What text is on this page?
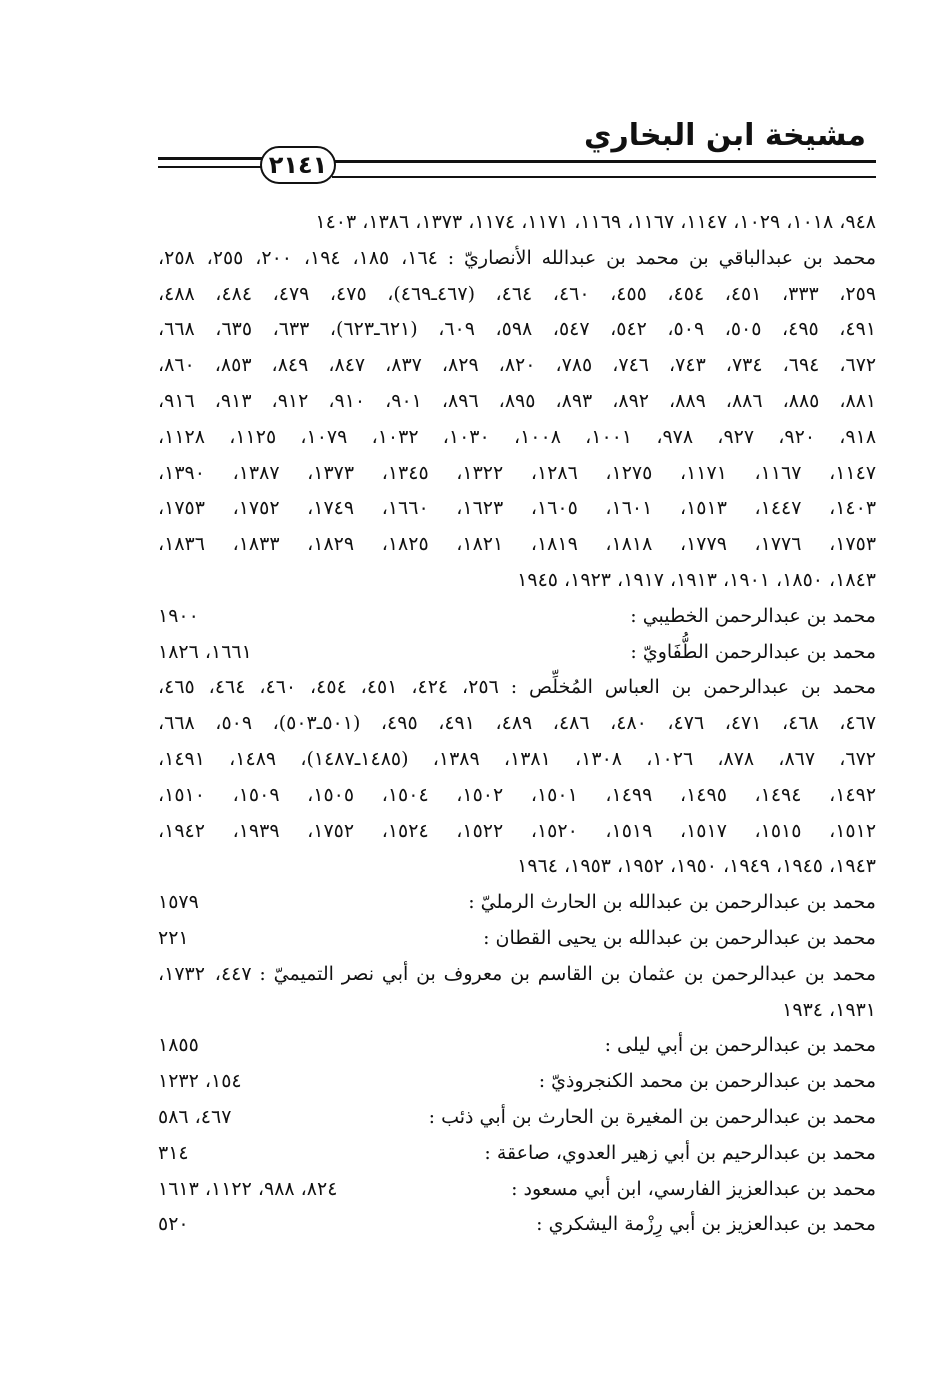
مشيخة ابن البخاري
٢١٤١
٩٤٨، ١٠١٨، ١٠٢٩، ١١٤٧، ١١٦٧، ١١٦٩، ١١٧١، ١١٧٤، ١٣٧٣، ١٣٨٦، ١٤٠٣
محمد بن عبدالباقي بن محمد بن عبدالله الأنصاريّ : ١٦٤، ١٨٥، ١٩٤، ٢٠٠، ٢٥٥، ٢٥٨،
٢٥٩، ٣٣٣، ٤٥١، ٤٥٤، ٤٥٥، ٤٦٠، ٤٦٤، (٤٦٧ـ٤٦٩)، ٤٧٥، ٤٧٩، ٤٨٤، ٤٨٨،
٤٩١، ٤٩٥، ٥٠٥، ٥٠٩، ٥٤٢، ٥٤٧، ٥٩٨، ٦٠٩، (٦٢١ـ٦٢٣)، ٦٣٣، ٦٣٥، ٦٦٨،
٦٧٢، ٦٩٤، ٧٣٤، ٧٤٣، ٧٤٦، ٧٨٥، ٨٢٠، ٨٢٩، ٨٣٧، ٨٤٧، ٨٤٩، ٨٥٣، ٨٦٠،
٨٨١، ٨٨٥، ٨٨٦، ٨٨٩، ٨٩٢، ٨٩٣، ٨٩٥، ٨٩٦، ٩٠١، ٩١٠، ٩١٢، ٩١٣، ٩١٦،
٩١٨، ٩٢٠، ٩٢٧، ٩٧٨، ١٠٠١، ١٠٠٨، ١٠٣٠، ١٠٣٢، ١٠٧٩، ١١٢٥، ١١٢٨،
١١٤٧، ١١٦٧، ١١٧١، ١٢٧٥، ١٢٨٦، ١٣٢٢، ١٣٤٥، ١٣٧٣، ١٣٨٧، ١٣٩٠،
١٤٠٣، ١٤٤٧، ١٥١٣، ١٦٠١، ١٦٠٥، ١٦٢٣، ١٦٦٠، ١٧٤٩، ١٧٥٢، ١٧٥٣،
١٧٥٣، ١٧٧٦، ١٧٧٩، ١٨١٨، ١٨١٩، ١٨٢١، ١٨٢٥، ١٨٢٩، ١٨٣٣، ١٨٣٦،
١٨٤٣، ١٨٥٠، ١٩٠١، ١٩١٣، ١٩١٧، ١٩٢٣، ١٩٤٥
محمد بن عبدالرحمن الخطيبي :
١٩٠٠
محمد بن عبدالرحمن الطُّفَاويّ :
١٦٦١، ١٨٢٦
محمد بن عبدالرحمن بن العباس المُخلِّص : ٢٥٦، ٤٢٤، ٤٥١، ٤٥٤، ٤٦٠، ٤٦٤، ٤٦٥،
٤٦٧، ٤٦٨، ٤٧١، ٤٧٦، ٤٨٠، ٤٨٦، ٤٨٩، ٤٩١، ٤٩٥، (٥٠١ـ٥٠٣)، ٥٠٩، ٦٦٨،
٦٧٢، ٨٦٧، ٨٧٨، ١٠٢٦، ١٣٠٨، ١٣٨١، ١٣٨٩، (١٤٨٥ـ١٤٨٧)، ١٤٨٩، ١٤٩١،
١٤٩٢، ١٤٩٤، ١٤٩٥، ١٤٩٩، ١٥٠١، ١٥٠٢، ١٥٠٤، ١٥٠٥، ١٥٠٩، ١٥١٠،
١٥١٢، ١٥١٥، ١٥١٧، ١٥١٩، ١٥٢٠، ١٥٢٢، ١٥٢٤، ١٧٥٢، ١٩٣٩، ١٩٤٢،
١٩٤٣، ١٩٤٥، ١٩٤٩، ١٩٥٠، ١٩٥٢، ١٩٥٣، ١٩٦٤
محمد بن عبدالرحمن بن عبدالله بن الحارث الرمليّ :
١٥٧٩
محمد بن عبدالرحمن بن عبدالله بن يحيى القطان :
٢٢١
محمد بن عبدالرحمن بن عثمان بن القاسم بن معروف بن أبي نصر التميميّ : ٤٤٧، ١٧٣٢،
١٩٣١، ١٩٣٤
محمد بن عبدالرحمن بن أبي ليلى :
١٨٥٥
محمد بن عبدالرحمن بن محمد الكنجروذيّ :
١٥٤، ١٢٣٢
محمد بن عبدالرحمن بن المغيرة بن الحارث بن أبي ذئب :
٤٦٧، ٥٨٦
محمد بن عبدالرحيم بن أبي زهير العدوي، صاعقة :
٣١٤
محمد بن عبدالعزيز الفارسي، ابن أبي مسعود :
٨٢٤، ٩٨٨، ١١٢٢، ١٦١٣
محمد بن عبدالعزيز بن أبي رِزْمة اليشكري :
٥٢٠
